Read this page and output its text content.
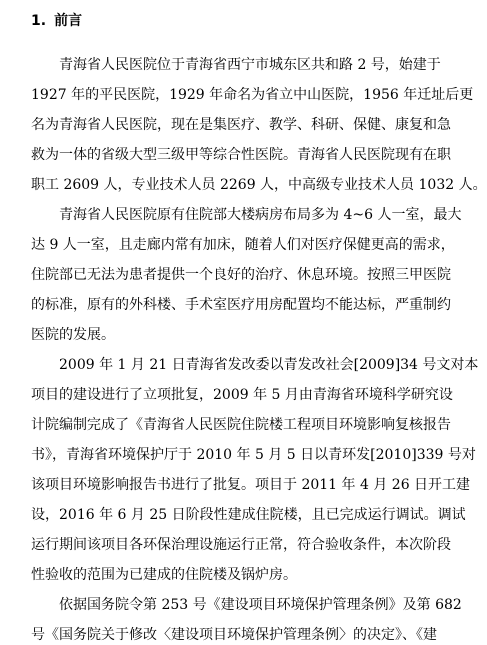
1. 前言
青海省人民医院位于青海省西宁市城东区共和路 2 号，始建于
1927 年的平民医院，1929 年命名为省立中山医院，1956 年迁址后更
名为青海省人民医院，现在是集医疗、教学、科研、保健、康复和急
救为一体的省级大型三级甲等综合性医院。青海省人民医院现有在职
职工 2609 人，专业技术人员 2269 人，中高级专业技术人员 1032 人。
青海省人民医院原有住院部大楼病房布局多为 4~6 人一室，最大
达 9 人一室，且走廊内常有加床，随着人们对医疗保健更高的需求，
住院部已无法为患者提供一个良好的治疗、休息环境。按照三甲医院
的标准，原有的外科楼、手术室医疗用房配置均不能达标，严重制约
医院的发展。
2009 年 1 月 21 日青海省发改委以青发改社会[2009]34 号文对本
项目的建设进行了立项批复，2009 年 5 月由青海省环境科学研究设
计院编制完成了《青海省人民医院住院楼工程项目环境影响复核报告
书》，青海省环境保护厅于 2010 年 5 月 5 日以青环发[2010]339 号对
该项目环境影响报告书进行了批复。项目于 2011 年 4 月 26 日开工建
设，2016 年 6 月 25 日阶段性建成住院楼，且已完成运行调试。调试
运行期间该项目各环保治理设施运行正常，符合验收条件，本次阶段
性验收的范围为已建成的住院楼及锅炉房。
依据国务院令第 253 号《建设项目环境保护管理条例》及第 682
号《国务院关于修改〈建设项目环境保护管理条例〉的决定》、《建
